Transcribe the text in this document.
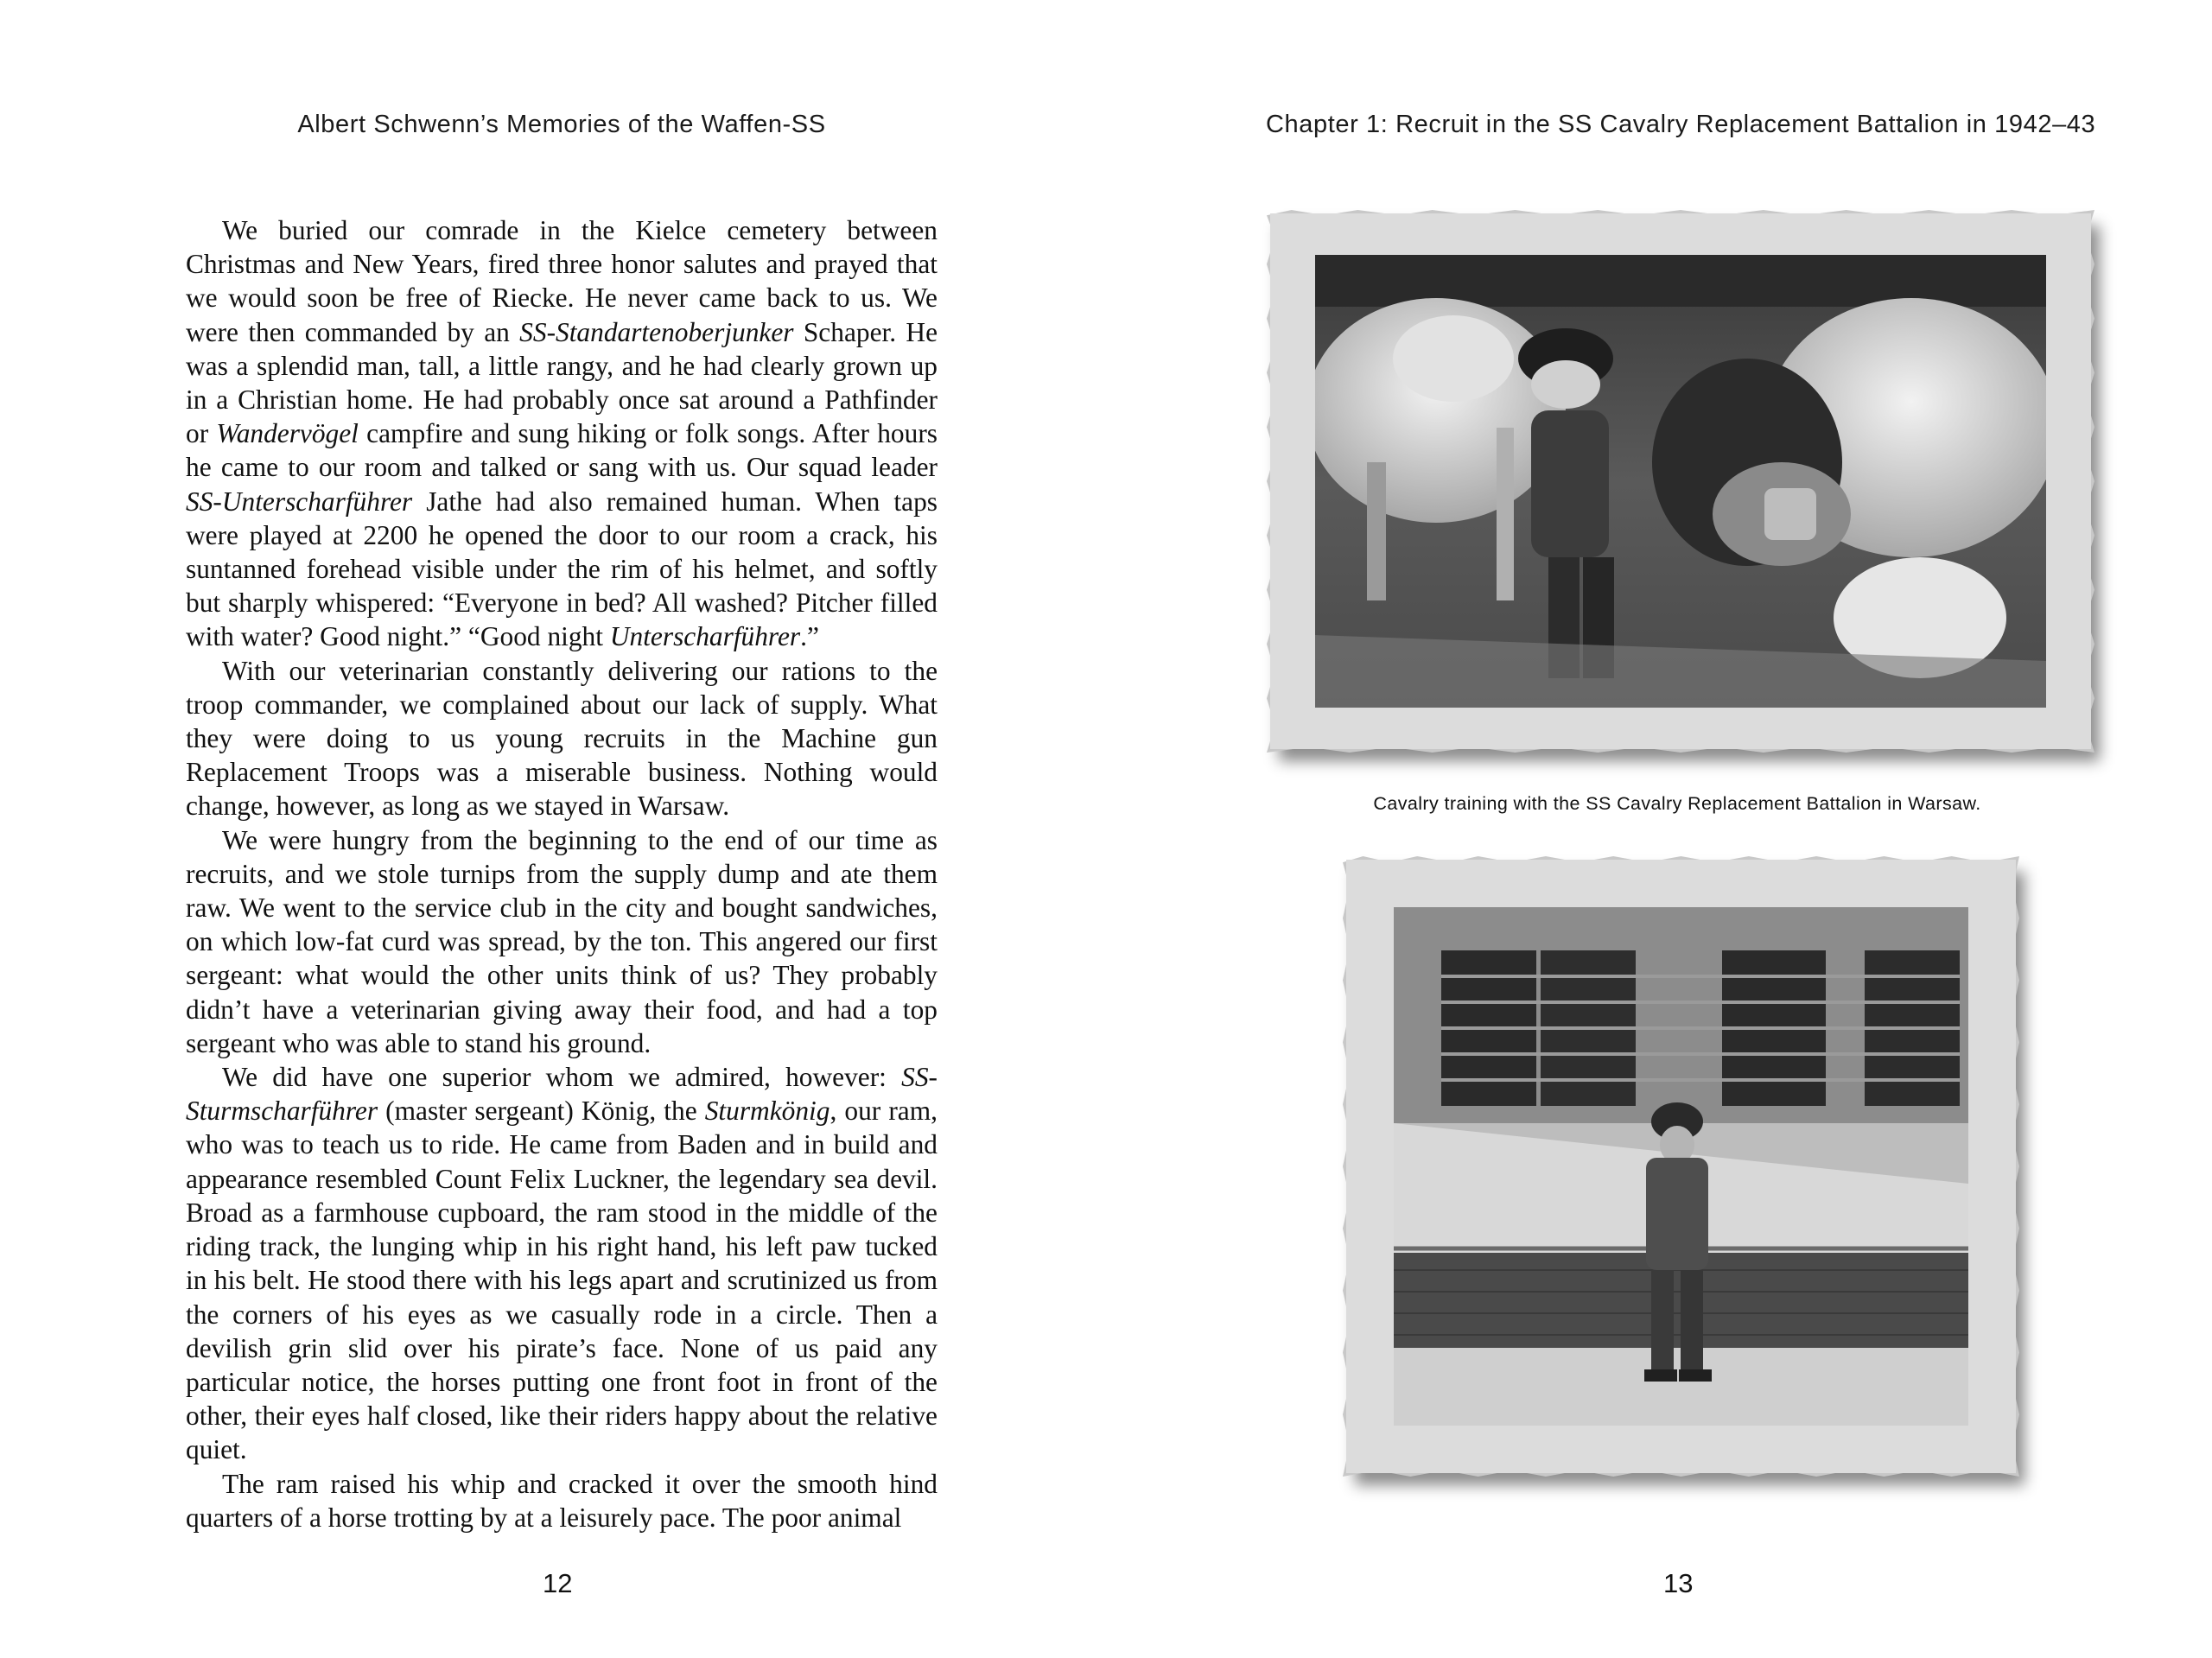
Albert Schwenn’s Memories of the Waffen-SS

We buried our comrade in the Kielce cemetery between Christmas and New Years, fired three honor salutes and prayed that we would soon be free of Riecke. He never came back to us. We were then commanded by an SS-Standartenoberjunker Schaper. He was a splendid man, tall, a little rangy, and he had clearly grown up in a Christian home. He had probably once sat around a Pathfinder or Wandervögel campfire and sung hiking or folk songs. After hours he came to our room and talked or sang with us. Our squad leader SS-Unterscharführer Jathe had also remained human. When taps were played at 2200 he opened the door to our room a crack, his suntanned forehead visible under the rim of his helmet, and softly but sharply whispered: “Everyone in bed? All washed? Pitcher filled with water? Good night.” “Good night Unterscharführer.”

With our veterinarian constantly delivering our rations to the troop commander, we complained about our lack of supply. What they were doing to us young recruits in the Machine gun Replacement Troops was a miserable business. Nothing would change, however, as long as we stayed in Warsaw.

We were hungry from the beginning to the end of our time as recruits, and we stole turnips from the supply dump and ate them raw. We went to the service club in the city and bought sandwiches, on which low-fat curd was spread, by the ton. This angered our first sergeant: what would the other units think of us? They probably didn’t have a veterinarian giving away their food, and had a top sergeant who was able to stand his ground.

We did have one superior whom we admired, however: SS-Sturmscharführer (master sergeant) König, the Sturmkönig, our ram, who was to teach us to ride. He came from Baden and in build and appearance resembled Count Felix Luckner, the legendary sea devil. Broad as a farmhouse cupboard, the ram stood in the middle of the riding track, the lunging whip in his right hand, his left paw tucked in his belt. He stood there with his legs apart and scrutinized us from the corners of his eyes as we casually rode in a circle. Then a devilish grin slid over his pirate’s face. None of us paid any particular notice, the horses putting one front foot in front of the other, their eyes half closed, like their riders happy about the relative quiet.

The ram raised his whip and cracked it over the smooth hind quarters of a horse trotting by at a leisurely pace. The poor animal

12
Chapter 1: Recruit in the SS Cavalry Replacement Battalion in 1942–43
Cavalry training with the SS Cavalry Replacement Battalion in Warsaw.
13
